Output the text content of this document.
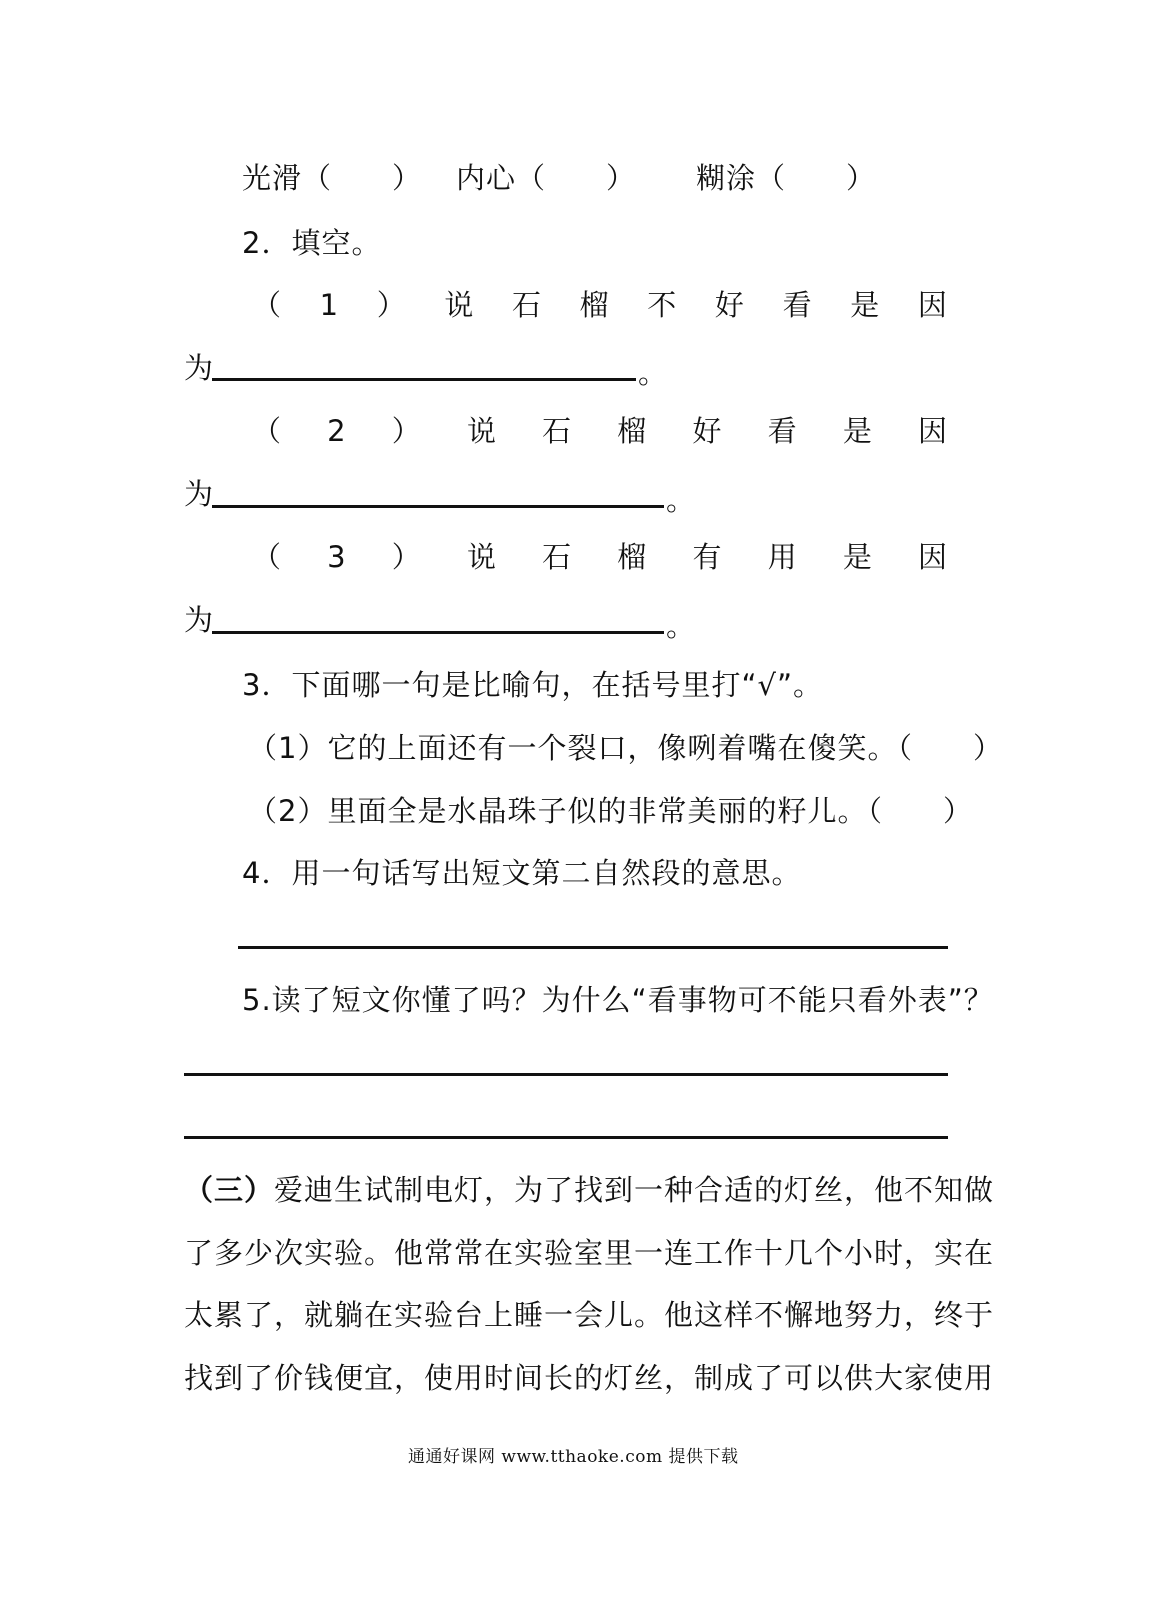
光滑（　　） 内心（　　） 糊涂（　　）
2．填空。
（ 1 ） 说 石 榴 不 好 看 是 因
为	。
（ 2 ） 说 石 榴 好 看 是 因
为	。
（ 3 ） 说 石 榴 有 用 是 因
为	。
3．下面哪一句是比喻句，在括号里打“√”。
（1）它的上面还有一个裂口，像咧着嘴在傻笑。（　　）
（2）里面全是水晶珠子似的非常美丽的籽儿。（　　）
4．用一句话写出短文第二自然段的意思。
5.读了短文你懂了吗？为什么“看事物可不能只看外表”？
（三）爱迪生试制电灯，为了找到一种合适的灯丝，他不知做
了多少次实验。他常常在实验室里一连工作十几个小时，实在
太累了，就躺在实验台上睡一会儿。他这样不懈地努力，终于
找到了价钱便宜，使用时间长的灯丝，制成了可以供大家使用
通通好课网 www.tthaoke.com 提供下载
